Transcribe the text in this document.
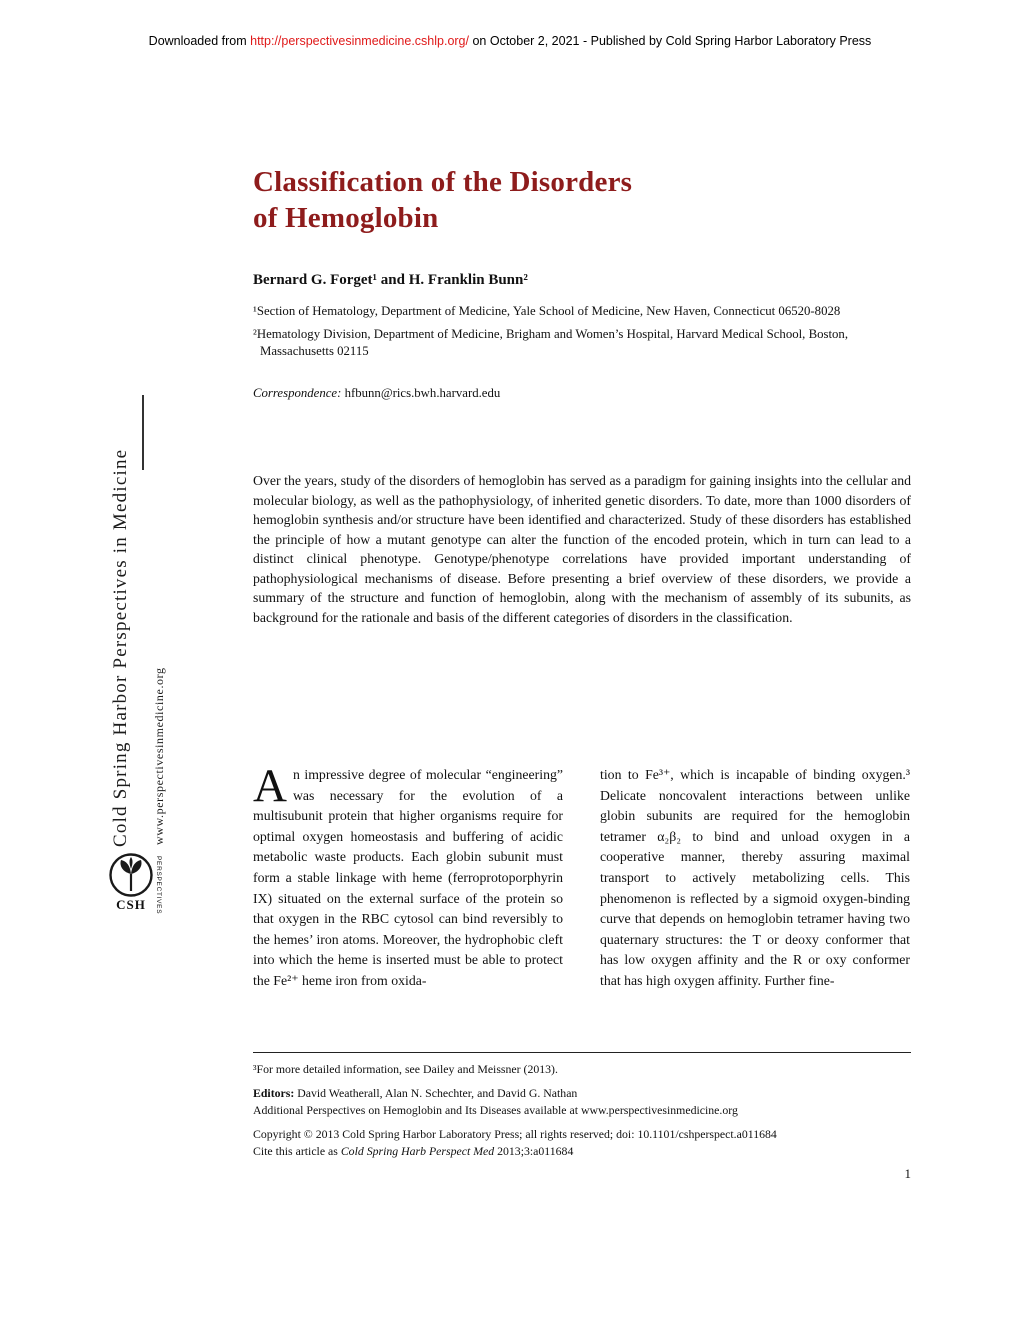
Downloaded from http://perspectivesinmedicine.cshlp.org/ on October 2, 2021 - Published by Cold Spring Harbor Laboratory Press
Cold Spring Harbor Perspectives in Medicine www.perspectivesinmedicine.org
PERSPECTIVES
CSH
Classification of the Disorders
of Hemoglobin
Bernard G. Forget¹ and H. Franklin Bunn²

¹Section of Hematology, Department of Medicine, Yale School of Medicine, New Haven, Connecticut 06520-8028

²Hematology Division, Department of Medicine, Brigham and Women’s Hospital, Harvard Medical School, Boston, Massachusetts 02115

Correspondence: hfbunn@rics.bwh.harvard.edu
Over the years, study of the disorders of hemoglobin has served as a paradigm for gaining insights into the cellular and molecular biology, as well as the pathophysiology, of inherited genetic disorders. To date, more than 1000 disorders of hemoglobin synthesis and/or structure have been identified and characterized. Study of these disorders has established the principle of how a mutant genotype can alter the function of the encoded protein, which in turn can lead to a distinct clinical phenotype. Genotype/phenotype correlations have provided important understanding of pathophysiological mechanisms of disease. Before presenting a brief overview of these disorders, we provide a summary of the structure and function of hemoglobin, along with the mechanism of assembly of its subunits, as background for the rationale and basis of the different categories of disorders in the classification.
An impressive degree of molecular “engineering” was necessary for the evolution of a multisubunit protein that higher organisms require for optimal oxygen homeostasis and buffering of acidic metabolic waste products. Each globin subunit must form a stable linkage with heme (ferroprotoporphyrin IX) situated on the external surface of the protein so that oxygen in the RBC cytosol can bind reversibly to the hemes’ iron atoms. Moreover, the hydrophobic cleft into which the heme is inserted must be able to protect the Fe²⁺ heme iron from oxida-
tion to Fe³⁺, which is incapable of binding oxygen.³ Delicate noncovalent interactions between unlike globin subunits are required for the hemoglobin tetramer α₂β₂ to bind and unload oxygen in a cooperative manner, thereby assuring maximal transport to actively metabolizing cells. This phenomenon is reflected by a sigmoid oxygen-binding curve that depends on hemoglobin tetramer having two quaternary structures: the T or deoxy conformer that has low oxygen affinity and the R or oxy conformer that has high oxygen affinity. Further fine-

³For more detailed information, see Dailey and Meissner (2013).

Editors: David Weatherall, Alan N. Schechter, and David G. Nathan

Additional Perspectives on Hemoglobin and Its Diseases available at www.perspectivesinmedicine.org

Copyright © 2013 Cold Spring Harbor Laboratory Press; all rights reserved; doi: 10.1101/cshperspect.a011684

Cite this article as Cold Spring Harb Perspect Med 2013;3:a011684

1
